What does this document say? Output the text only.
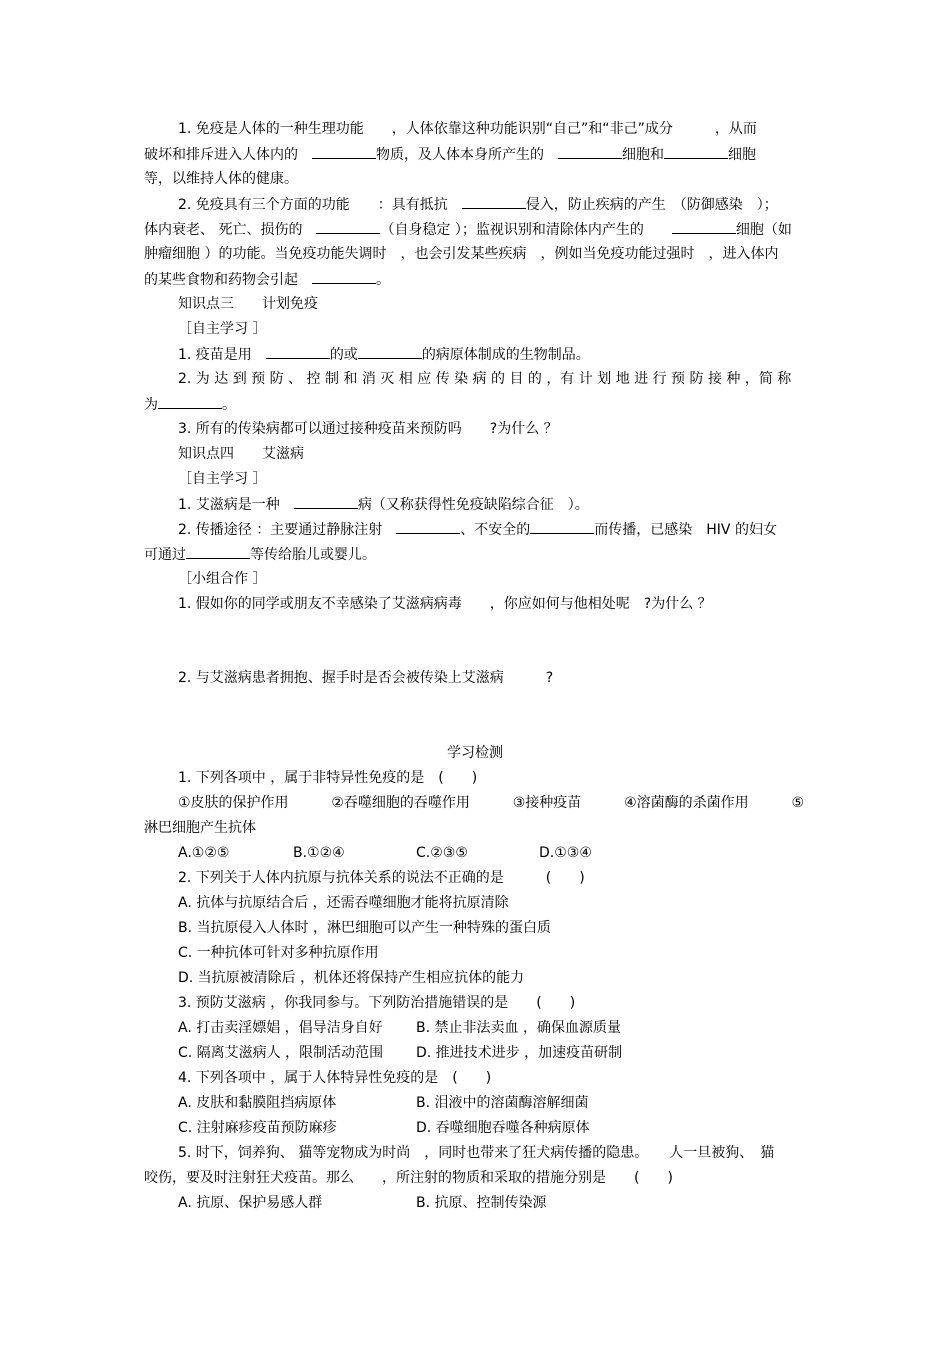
1. 免疫是人体的一种生理功能　　，人体依靠这种功能识别“自己”和“非己”成分　　　，从而
破坏和排斥进入人体内的　	物质，及人体本身所产生的　	细胞和	细胞
等，以维持人体的健康。
2. 免疫具有三个方面的功能　　：具有抵抗　	侵入，防止疾病的产生　（防御感染　）；
体内衰老、 死亡、损伤的　	（自身稳定 ）；监视识别和清除体内产生的　　	细胞（如
肿瘤细胞 ）的功能。当免疫功能失调时　，也会引发某些疾病　，例如当免疫功能过强时　，进入体内
的某些食物和药物会引起　	。
知识点三　　计划免疫
［自主学习 ］
1. 疫苗是用　	的或	的病原体制成的生物制品。
2. 为 达 到 预 防 、 控 制 和 消 灭 相 应 传 染 病 的 目 的 ，有 计 划 地 进 行 预 防 接 种 ，简 称
为	。
3. 所有的传染病都可以通过接种疫苗来预防吗　　?为什么 ？
知识点四　　艾滋病
［自主学习 ］
1. 艾滋病是一种　	病（又称获得性免疫缺陷综合征　）。
2. 传播途径 ：主要通过静脉注射　	、不安全的	而传播，已感染　HIV 的妇女
可通过	等传给胎儿或婴儿。
［小组合作 ］
1. 假如你的同学或朋友不幸感染了艾滋病病毒　　，你应如何与他相处呢　?为什么 ？
2. 与艾滋病患者拥抱、握手时是否会被传染上艾滋病　　　?
学习检测
1. 下列各项中 ，属于非特异性免疫的是　(　　)
①皮肤的保护作用	②吞噬细胞的吞噬作用	③接种疫苗	④溶菌酶的杀菌作用	⑤
淋巴细胞产生抗体
A.①②⑤	B.①②④	C.②③⑤	D.①③④
2. 下列关于人体内抗原与抗体关系的说法不正确的是　　　(　　)
A. 抗体与抗原结合后 ，还需吞噬细胞才能将抗原清除
B. 当抗原侵入人体时 ，淋巴细胞可以产生一种特殊的蛋白质
C. 一种抗体可针对多种抗原作用
D. 当抗原被清除后 ，机体还将保持产生相应抗体的能力
3. 预防艾滋病 ，你我同参与。下列防治措施错误的是　　(　　)
A. 打击卖淫嫖娼 ，倡导洁身自好 B. 禁止非法卖血 ，确保血源质量
C. 隔离艾滋病人 ，限制活动范围 D. 推进技术进步 ，加速疫苗研制
4. 下列各项中 ，属于人体特异性免疫的是　(　　)
A. 皮肤和黏膜阻挡病原体	B. 泪液中的溶菌酶溶解细菌
C. 注射麻疹疫苗预防麻疹	D. 吞噬细胞吞噬各种病原体
5. 时下，饲养狗、 猫等宠物成为时尚　，同时也带来了狂犬病传播的隐患。　　人一旦被狗、　猫
咬伤，要及时注射狂犬疫苗。那么　　，所注射的物质和采取的措施分别是　　(　　)
A. 抗原、保护易感人群	B. 抗原、控制传染源
